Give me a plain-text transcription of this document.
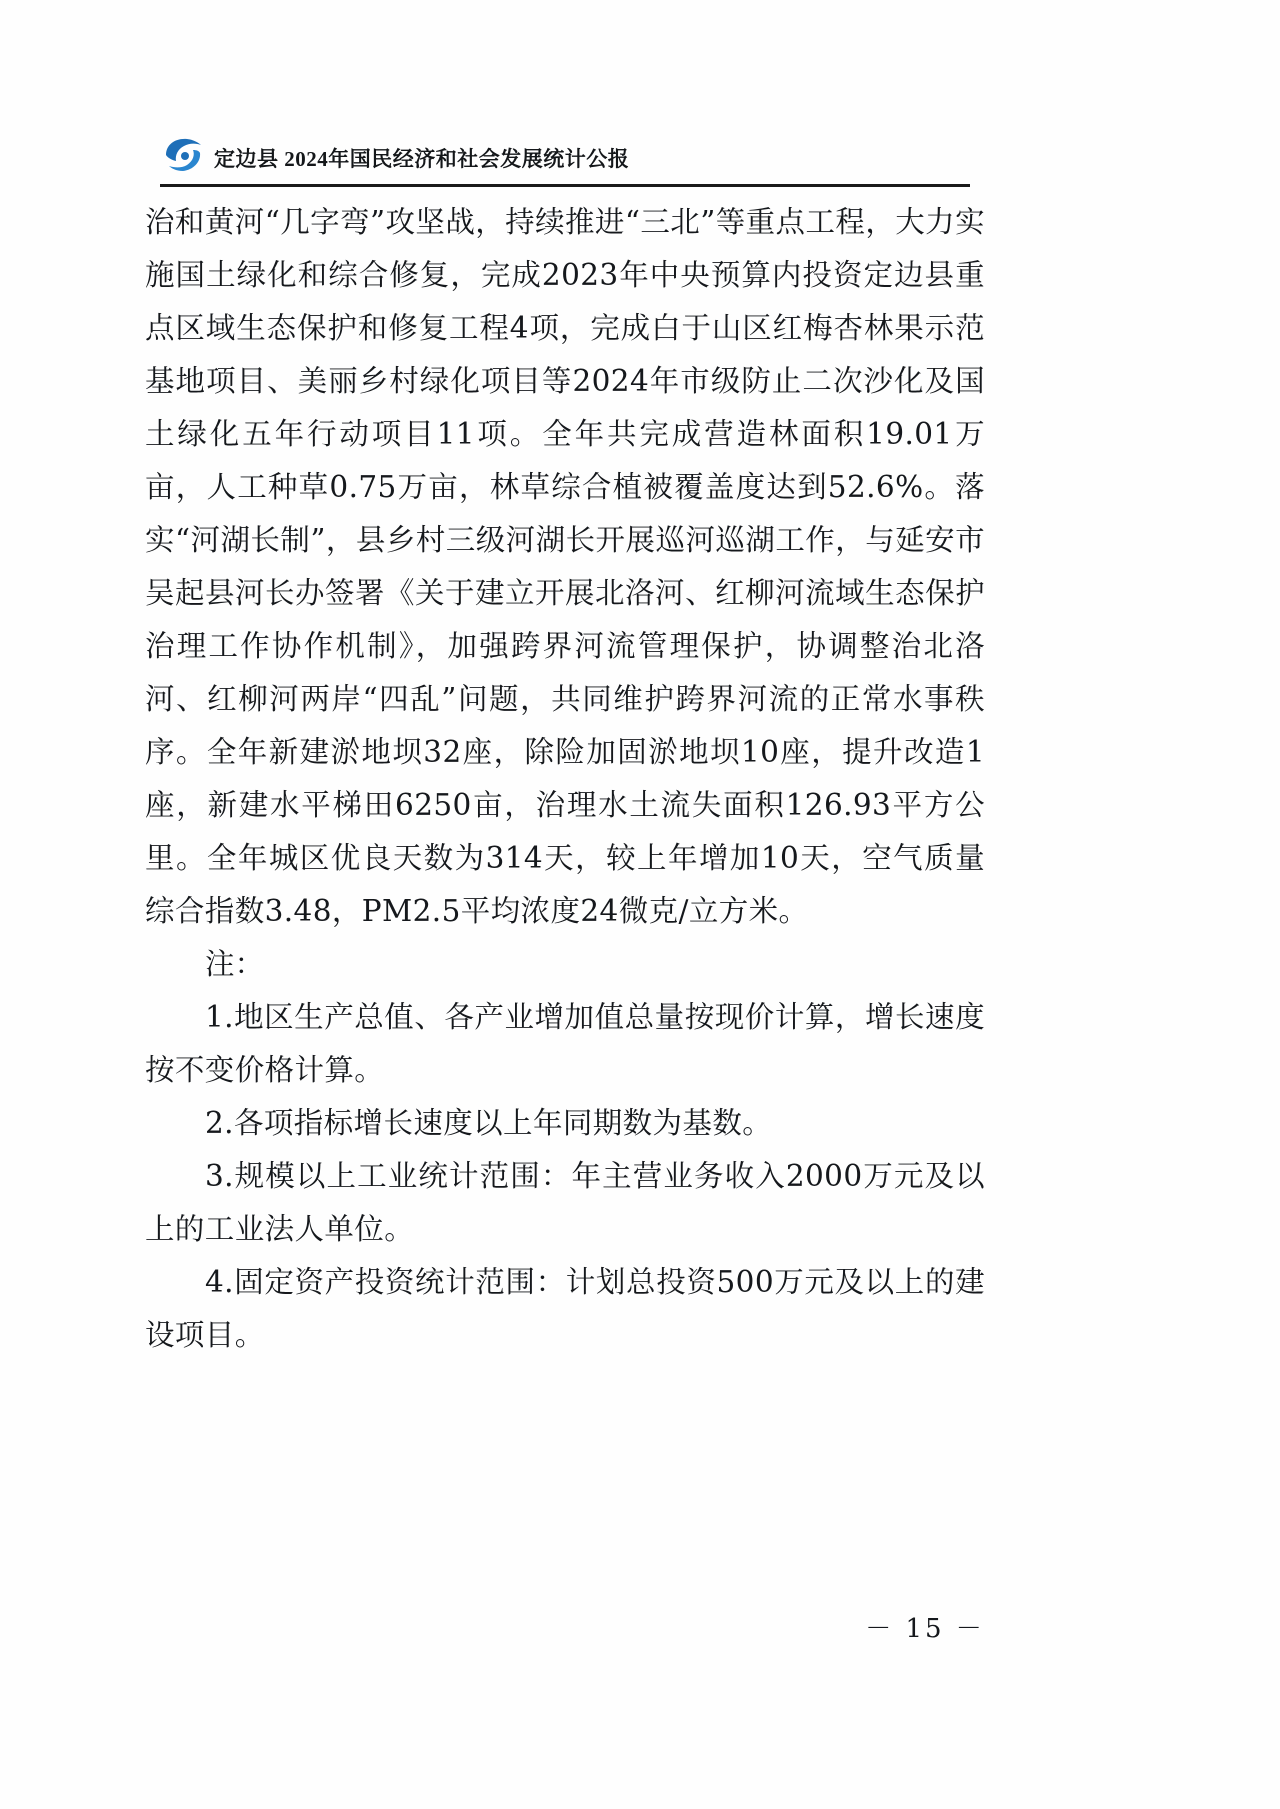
定边县 2024年国民经济和社会发展统计公报

治和黄河“几字弯”攻坚战，持续推进“三北”等重点工程，大力实施国土绿化和综合修复，完成2023年中央预算内投资定边县重点区域生态保护和修复工程4项，完成白于山区红梅杏林果示范基地项目、美丽乡村绿化项目等2024年市级防止二次沙化及国土绿化五年行动项目11项。全年共完成营造林面积19.01万亩，人工种草0.75万亩，林草综合植被覆盖度达到52.6%。落实“河湖长制”，县乡村三级河湖长开展巡河巡湖工作，与延安市吴起县河长办签署《关于建立开展北洛河、红柳河流域生态保护治理工作协作机制》，加强跨界河流管理保护，协调整治北洛河、红柳河两岸“四乱”问题，共同维护跨界河流的正常水事秩序。全年新建淤地坝32座，除险加固淤地坝10座，提升改造1座，新建水平梯田6250亩，治理水土流失面积126.93平方公里。全年城区优良天数为314天，较上年增加10天，空气质量综合指数3.48，PM2.5平均浓度24微克/立方米。

注：

1.地区生产总值、各产业增加值总量按现价计算，增长速度按不变价格计算。

2.各项指标增长速度以上年同期数为基数。

3.规模以上工业统计范围：年主营业务收入2000万元及以上的工业法人单位。

4.固定资产投资统计范围：计划总投资500万元及以上的建设项目。

－ 15 －
